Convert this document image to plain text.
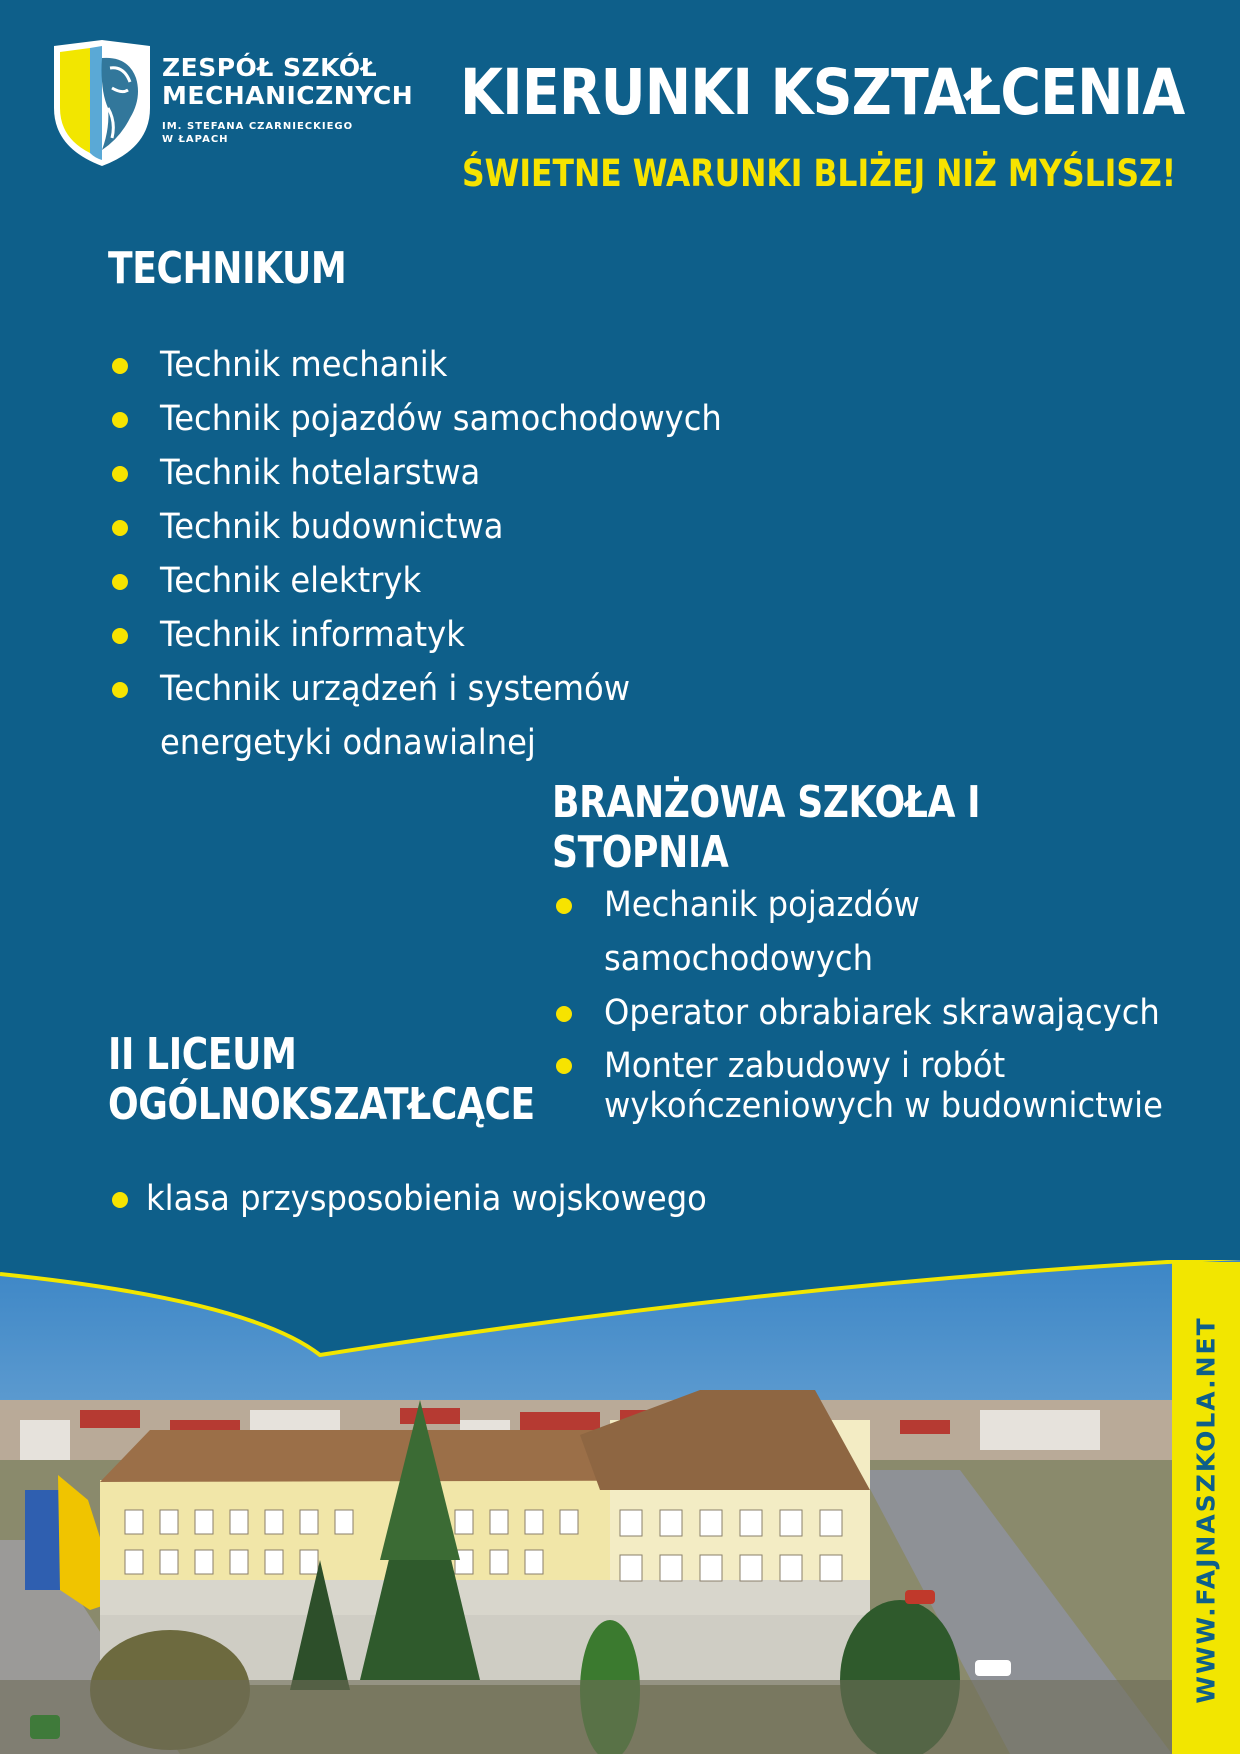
ZESPÓŁ SZKÓŁ
MECHANICZNYCH
IM. STEFANA CZARNIECKIEGO
W ŁAPACH
KIERUNKI KSZTAŁCENIA
ŚWIETNE WARUNKI BLIŻEJ NIŻ MYŚLISZ!
TECHNIKUM
Technik mechanik
Technik pojazdów samochodowych
Technik hotelarstwa
Technik budownictwa
Technik elektryk
Technik informatyk
Technik urządzeń i systemów
energetyki odnawialnej
BRANŻOWA SZKOŁA I STOPNIA
Mechanik pojazdów
samochodowych
Operator obrabiarek skrawających
Monter zabudowy i robót
wykończeniowych w budownictwie
II LICEUM
OGÓLNOKSZATŁCĄCE
klasa przysposobienia wojskowego
WWW.FAJNASZKOLA.NET
